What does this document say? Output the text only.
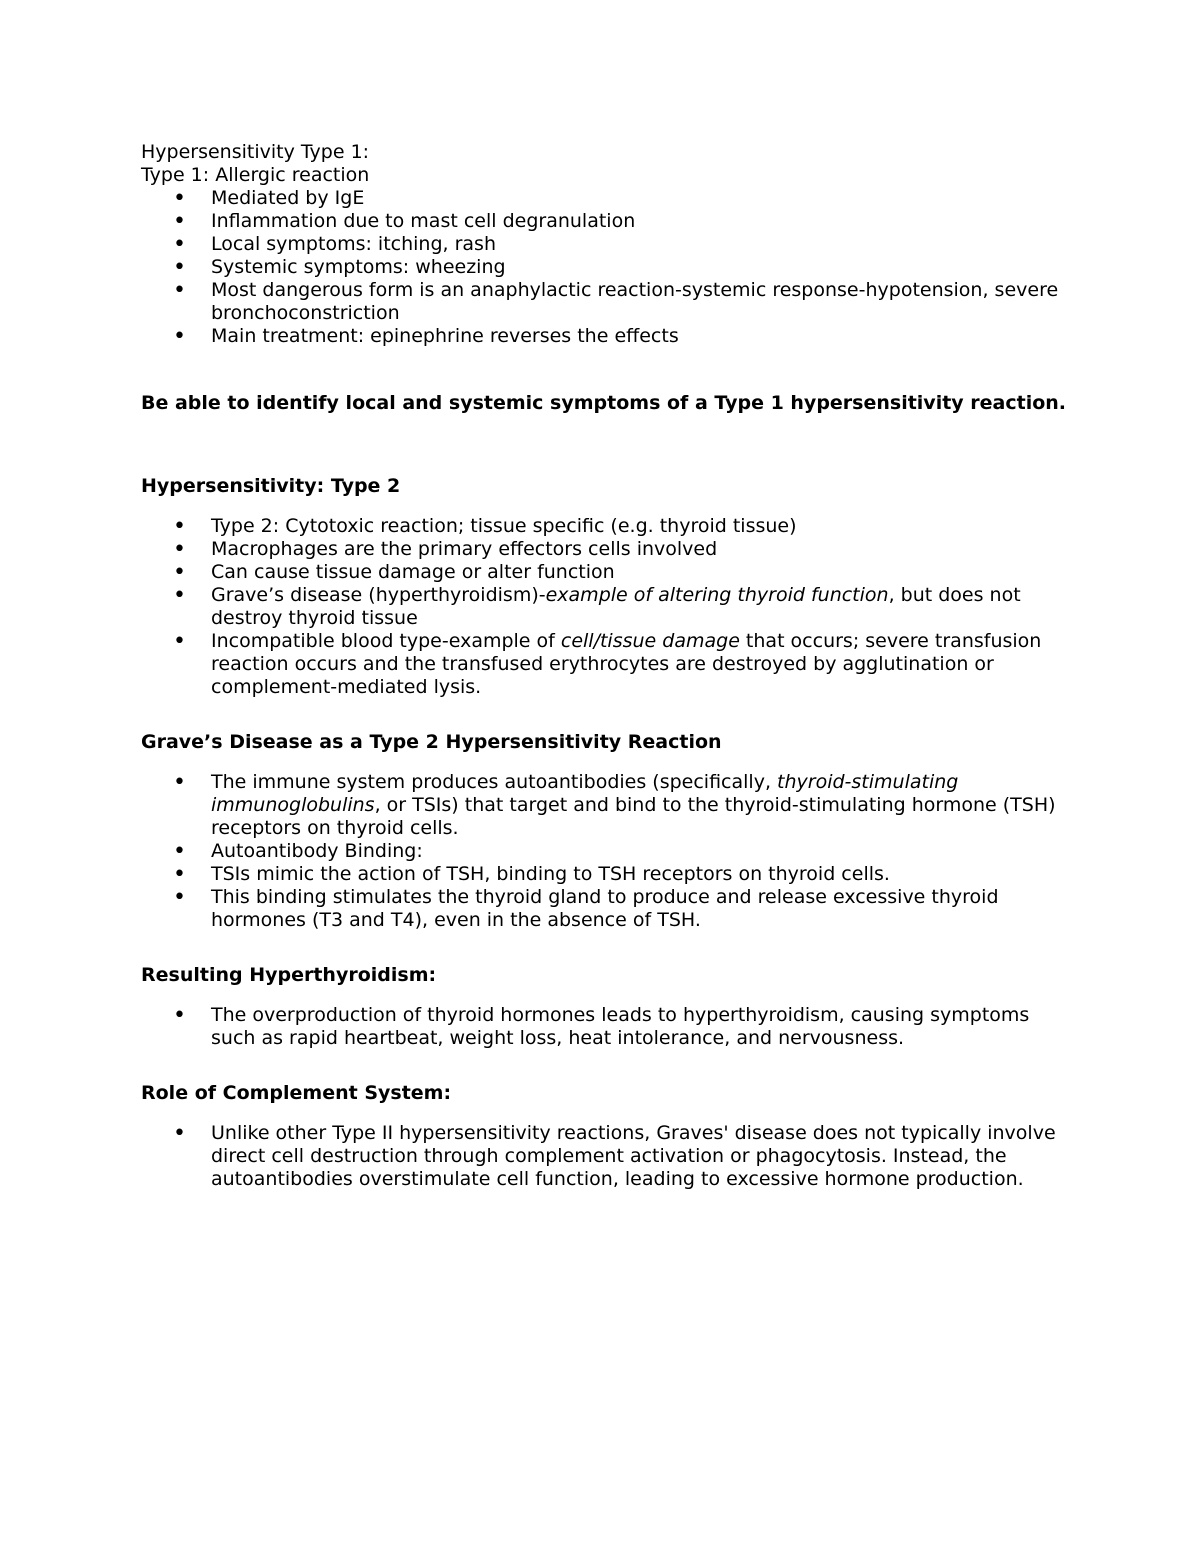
Hypersensitivity Type 1:

Type 1: Allergic reaction

• Mediated by IgE
• Inflammation due to mast cell degranulation
• Local symptoms: itching, rash
• Systemic symptoms: wheezing
• Most dangerous form is an anaphylactic reaction-systemic response-hypotension, severe bronchoconstriction
• Main treatment: epinephrine reverses the effects

Be able to identify local and systemic symptoms of a Type 1 hypersensitivity reaction.

Hypersensitivity: Type 2

• Type 2: Cytotoxic reaction; tissue specific (e.g. thyroid tissue)
• Macrophages are the primary effectors cells involved
• Can cause tissue damage or alter function
• Grave’s disease (hyperthyroidism)-example of altering thyroid function, but does not destroy thyroid tissue
• Incompatible blood type-example of cell/tissue damage that occurs; severe transfusion reaction occurs and the transfused erythrocytes are destroyed by agglutination or complement-mediated lysis.

Grave’s Disease as a Type 2 Hypersensitivity Reaction

• The immune system produces autoantibodies (specifically, thyroid-stimulating immunoglobulins, or TSIs) that target and bind to the thyroid-stimulating hormone (TSH) receptors on thyroid cells.
• Autoantibody Binding:
• TSIs mimic the action of TSH, binding to TSH receptors on thyroid cells.
• This binding stimulates the thyroid gland to produce and release excessive thyroid hormones (T3 and T4), even in the absence of TSH.

Resulting Hyperthyroidism:

• The overproduction of thyroid hormones leads to hyperthyroidism, causing symptoms such as rapid heartbeat, weight loss, heat intolerance, and nervousness.

Role of Complement System:

• Unlike other Type II hypersensitivity reactions, Graves' disease does not typically involve direct cell destruction through complement activation or phagocytosis. Instead, the autoantibodies overstimulate cell function, leading to excessive hormone production.
